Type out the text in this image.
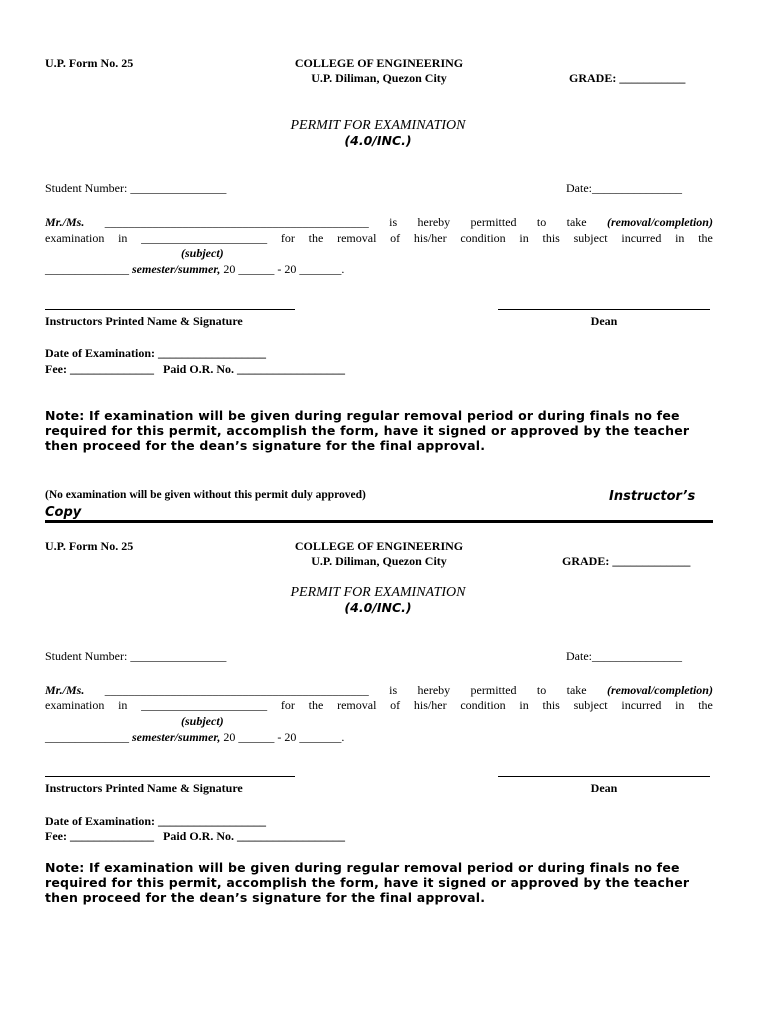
U.P. Form No. 25	COLLEGE OF ENGINEERING
U.P. Diliman, Quezon City	GRADE: ___________
PERMIT FOR EXAMINATION
(4.0/INC.)
Student Number: ________________	Date:_______________
Mr./Ms. ____________________________________________ is hereby permitted to take (removal/completion)
examination in _____________________ for the removal of his/her condition in this subject incurred in the
(subject)
______________ semester/summer, 20 ______ - 20 _______.
Instructors Printed Name & Signature	Dean
Date of Examination: __________________
Fee: ______________ Paid O.R. No. __________________
Note: If examination will be given during regular removal period or during finals no fee required for this permit, accomplish the form, have it signed or approved by the teacher then proceed for the dean’s signature for the final approval.
(No examination will be given without this permit duly approved)	Instructor’s Copy
U.P. Form No. 25	COLLEGE OF ENGINEERING
U.P. Diliman, Quezon City	GRADE: _____________
PERMIT FOR EXAMINATION
(4.0/INC.)
Student Number: ________________	Date:_______________
Mr./Ms. ____________________________________________ is hereby permitted to take (removal/completion)
examination in _____________________ for the removal of his/her condition in this subject incurred in the
(subject)
______________ semester/summer, 20 ______ - 20 _______.
Instructors Printed Name & Signature	Dean
Date of Examination: __________________
Fee: ______________ Paid O.R. No. __________________
Note: If examination will be given during regular removal period or during finals no fee required for this permit, accomplish the form, have it signed or approved by the teacher then proceed for the dean’s signature for the final approval.
